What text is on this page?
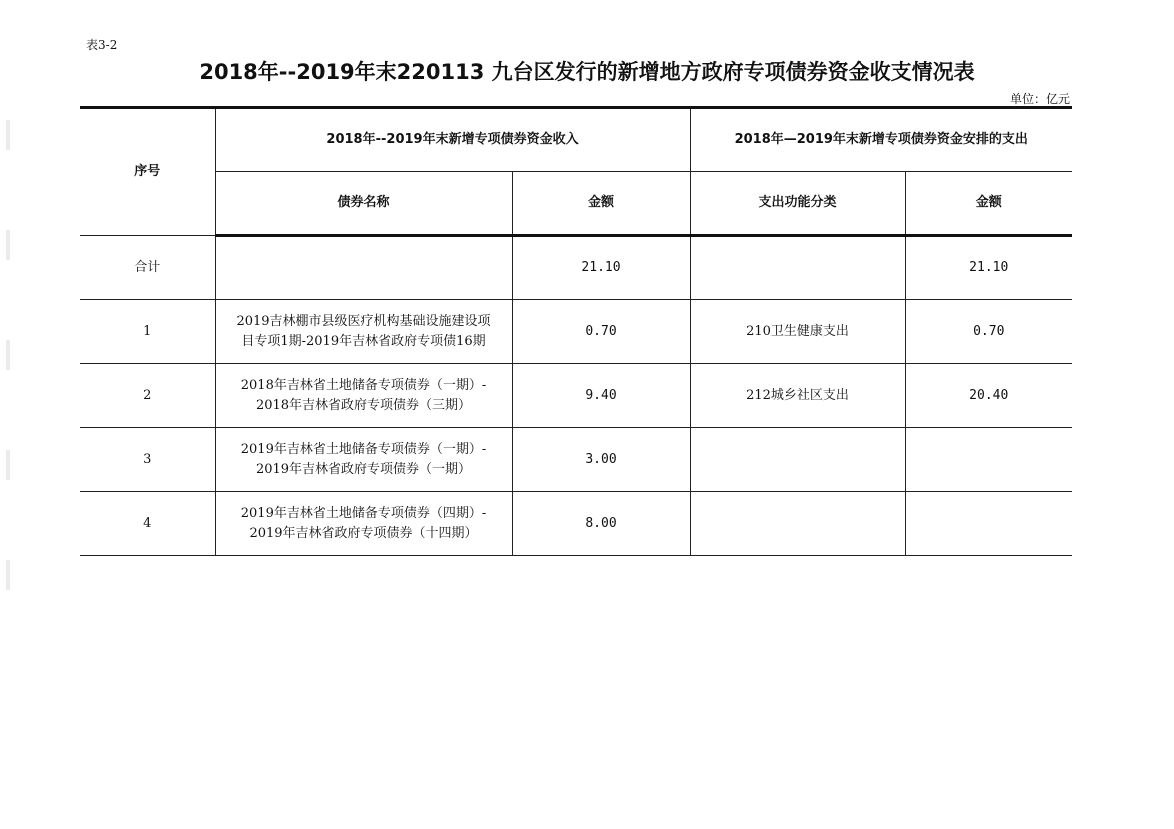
表3-2
2018年--2019年末220113 九台区发行的新增地方政府专项债券资金收支情况表
单位：亿元
序号	2018年--2019年末新增专项债券资金收入		2018年—2019年末新增专项债券资金安排的支出	
	债券名称	金额	支出功能分类	金额
合计		21.10		21.10
1	2019吉林棚市县级医疗机构基础设施建设项
目专项1期-2019年吉林省政府专项债16期	0.70	210卫生健康支出	0.70
2	2018年吉林省土地储备专项债券（一期）-
2018年吉林省政府专项债券（三期）	9.40	212城乡社区支出	20.40
3	2019年吉林省土地储备专项债券（一期）-
2019年吉林省政府专项债券（一期）	3.00		
4	2019年吉林省土地储备专项债券（四期）-
2019年吉林省政府专项债券（十四期）	8.00		
